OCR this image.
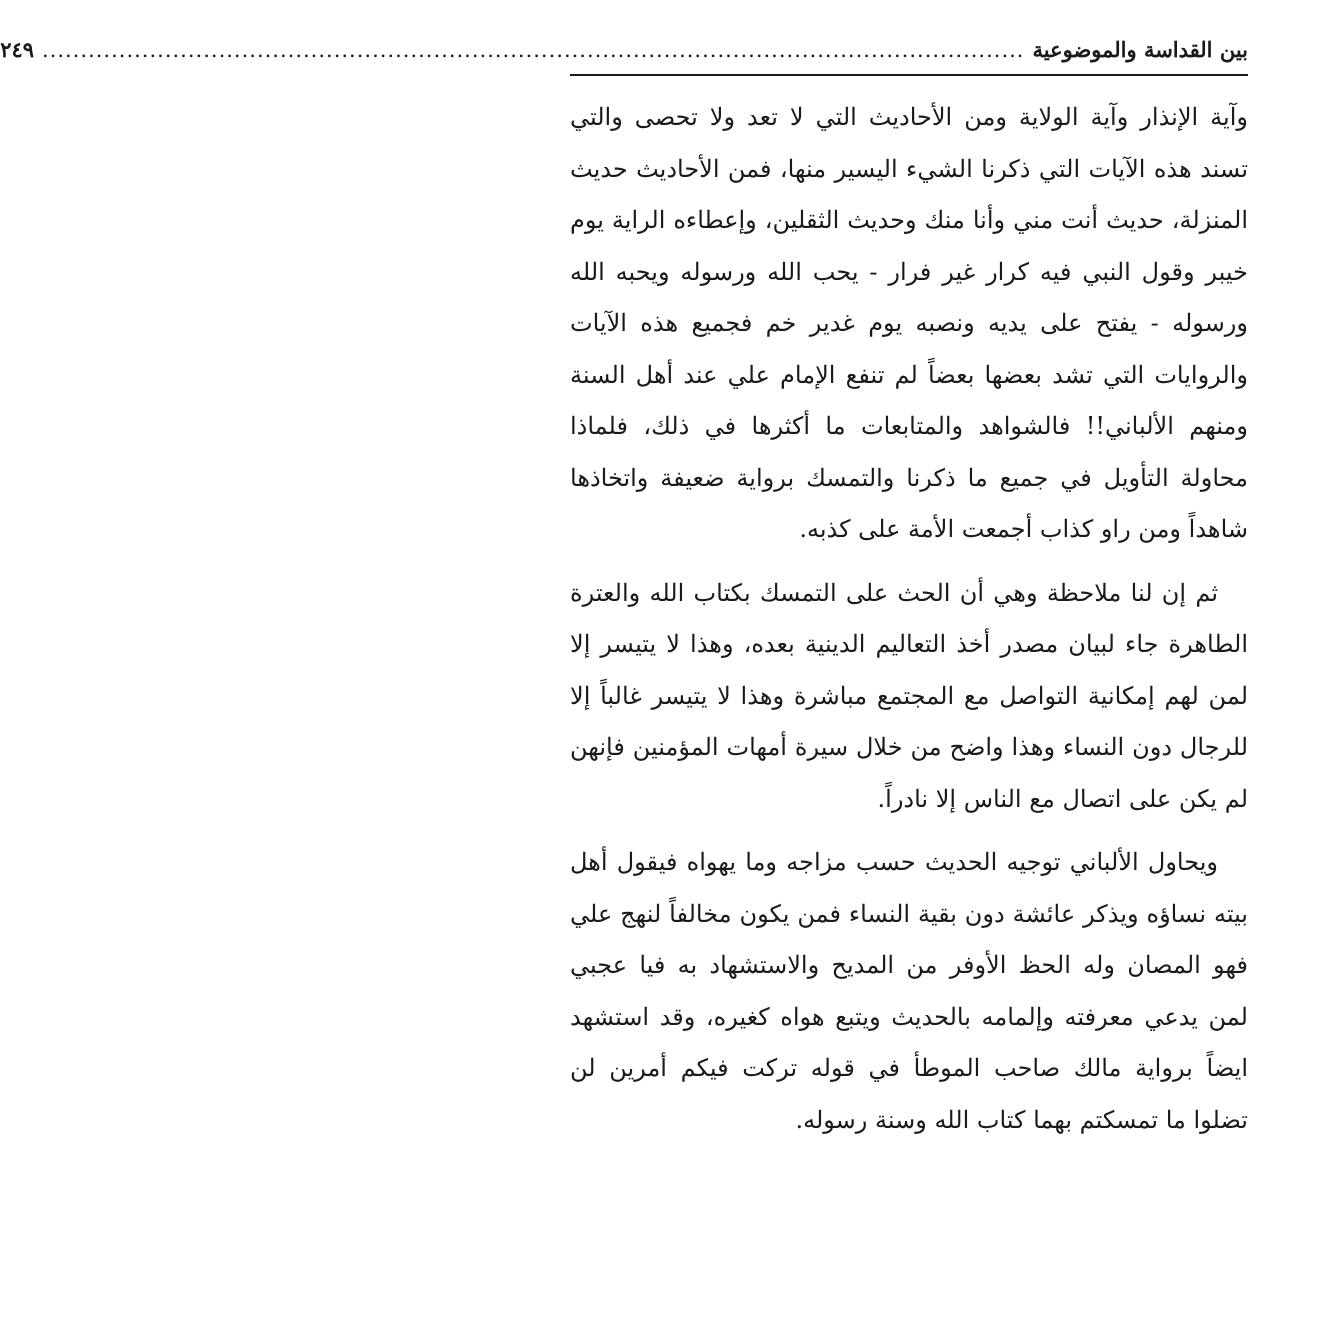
بين القداسة والموضوعية
................................................................................................................................
٢٤٩

وآية الإنذار وآية الولاية ومن الأحاديث التي لا تعد ولا تحصى والتي تسند هذه الآيات التي ذكرنا الشيء اليسير منها، فمن الأحاديث حديث المنزلة، حديث أنت مني وأنا منك وحديث الثقلين، وإعطاءه الراية يوم خيبر وقول النبي فيه كرار غير فرار - يحب الله ورسوله ويحبه الله ورسوله - يفتح على يديه ونصبه يوم غدير خم فجميع هذه الآيات والروايات التي تشد بعضها بعضاً لم تنفع الإمام علي عند أهل السنة ومنهم الألباني!! فالشواهد والمتابعات ما أكثرها في ذلك، فلماذا محاولة التأويل في جميع ما ذكرنا والتمسك برواية ضعيفة واتخاذها شاهداً ومن راو كذاب أجمعت الأمة على كذبه.

ثم إن لنا ملاحظة وهي أن الحث على التمسك بكتاب الله والعترة الطاهرة جاء لبيان مصدر أخذ التعاليم الدينية بعده، وهذا لا يتيسر إلا لمن لهم إمكانية التواصل مع المجتمع مباشرة وهذا لا يتيسر غالباً إلا للرجال دون النساء وهذا واضح من خلال سيرة أمهات المؤمنين فإنهن لم يكن على اتصال مع الناس إلا نادراً.

ويحاول الألباني توجيه الحديث حسب مزاجه وما يهواه فيقول أهل بيته نساؤه ويذكر عائشة دون بقية النساء فمن يكون مخالفاً لنهج علي فهو المصان وله الحظ الأوفر من المديح والاستشهاد به فيا عجبي لمن يدعي معرفته وإلمامه بالحديث ويتبع هواه كغيره، وقد استشهد ايضاً برواية مالك صاحب الموطأ في قوله تركت فيكم أمرين لن تضلوا ما تمسكتم بهما كتاب الله وسنة رسوله.
